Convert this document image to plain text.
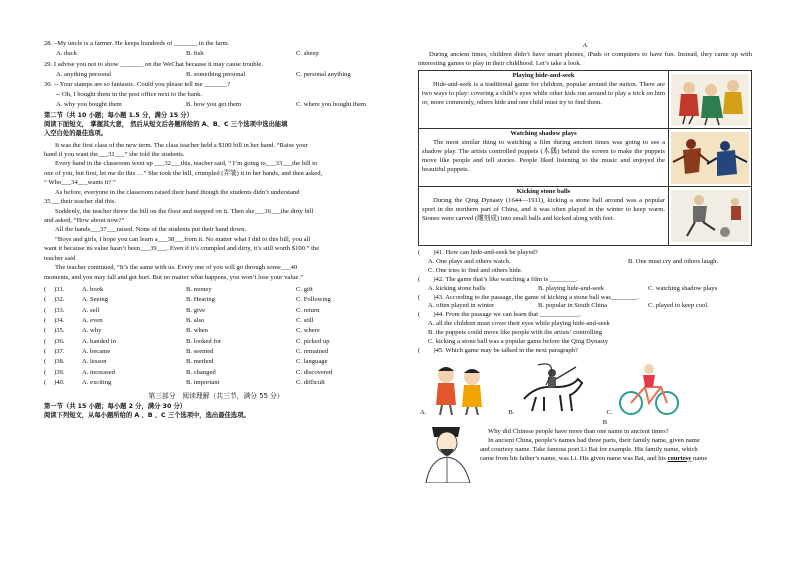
28. –My uncle is a farmer. He keeps hundreds of _______ in the farm.
A. duck	B. fish	C. sheep
29. I advise you not to show _______ on the WeChat because it may cause trouble.
A. anything personal	B. something personal	C. personal anything
30. -- Your stamps are so fantastic. Could you please tell me _______?
-- Oh, I bought them in the post office next to the bank.
A. why you bought them	B. how you get them	C. where you bought them
第二节（共 10 小题；每小题 1.5 分，满分 15 分）
阅读下面短文， 掌握其大意， 然后从短文后各题所给的 A、B、C 三个选项中选出能填
入空白处的最佳选项。
It was the first class of the new term. The class teacher held a $100 bill in her hand. “Raise your
hand if you want the___31___” she told the students.
Every hand in the classroom went up ___32___this, teacher said, “ I’m going to___33___the bill to
one of you, but first, let me do this …” She took the bill, crumpled (弄皱) it in her hands, and then asked,
“ Who___34___wants it? ”
As before, everyone in the classroom raised their hand though the students didn’t understand
35___their teacher did this.
Suddenly, the teacher threw the bill on the floor and stepped on it. Then she___36___the dirty bill
and asked, “How about now?”
All the hands___37___raised. None of the students put their hand down.
“Boys and girls, I hope you can learn a___38___from it. No matter what I did to this bill, you all
want it because its value hasn’t been___39___. Even if it’s crumpled and dirty, it’s still worth $100.” the
teacher said
The teacher continued, “It’s the same with us. Every one of you will go through some___40
moments, and you may fall and get hurt. But no matter what happens, you won’t lose your value.”
(	)31.	A. book	B. money	C. gift
(	)32.	A. Seeing	B. Hearing	C. Following
(	)33.	A. sell	B. give	C. return
(	)34.	A. even	B. also	C. still
(	)35.	A. why	B. when	C. where
(	)36.	A. handed in	B. looked for	C. picked up
(	)37.	A. became	B. seemed	C. remained
(	)38.	A. lesson	B. method	C. language
(	)39.	A. increased	B. changed	C. discovered
(	)40.	A. exciting	B. important	C. difficult
第三部分　阅读理解（共三节，满分 55 分）
第一节（共 15 小题；每小题 2 分，满分 30 分）
阅读下列短文，从每小题所给的 A 、B 、C 三个选项中，选出最佳选项。
A
During ancient times, children didn’t have smart phones, iPads or computers to have fun. Instead, they came up with interesting games to play in their childhood. Let’s take a look.
Playing hide-and-seek
Hide-and-seek is a traditional game for children, popular around the nation. There are two ways to play: covering a child’s eyes while other kids run around to play a trick on him or, more commonly, others hide and one child must try to find them.
Watching shadow plays
The most similar thing to watching a film during ancient times was going to see a shadow play. The artists controlled puppets (木偶) behind the screen to make the puppets move like people and tell stories. People liked listening to the music and enjoyed the beautiful puppets.
Kicking stone balls
During the Qing Dynasty (1644—1911), kicking a stone ball around was a popular sport in the northern part of China, and it was often played in the winter to keep warm. Stones were carved (雕刻成) into small balls and kicked along with feet.
(　　)41. How can hide-and-seek be played?
A. One plays and others watch.	B. One must cry and others laugh.
C. One tries to find and others hide.
(　　)42. The game that’s like watching a film is ________.
A. kicking stone balls	B. playing hide-and-seek	C. watching shadow plays
(　　)43. According to the passage, the game of kicking a stone ball was________.
A. often played in winter	B. popular in South China	C. played to keep cool.
(　　)44. From the passage we can learn that ____________.
A. all the children must cover their eyes while playing hide-and-seek
B. the puppets could move like people with the artists’ controlling
C. kicking a stone ball was a popular game before the Qing Dynasty
(　　)45. Which game may be talked in the next paragraph?
A.	B.	C.
B
Why did Chinese people have more than one name in ancient times?
In ancient China, people’s names had three parts, their family name, given name
and courtesy name. Take famous poet Li Bai for example. His family name, which
came from his father’s name, was Li. His given name was Bai, and his courtesy name
